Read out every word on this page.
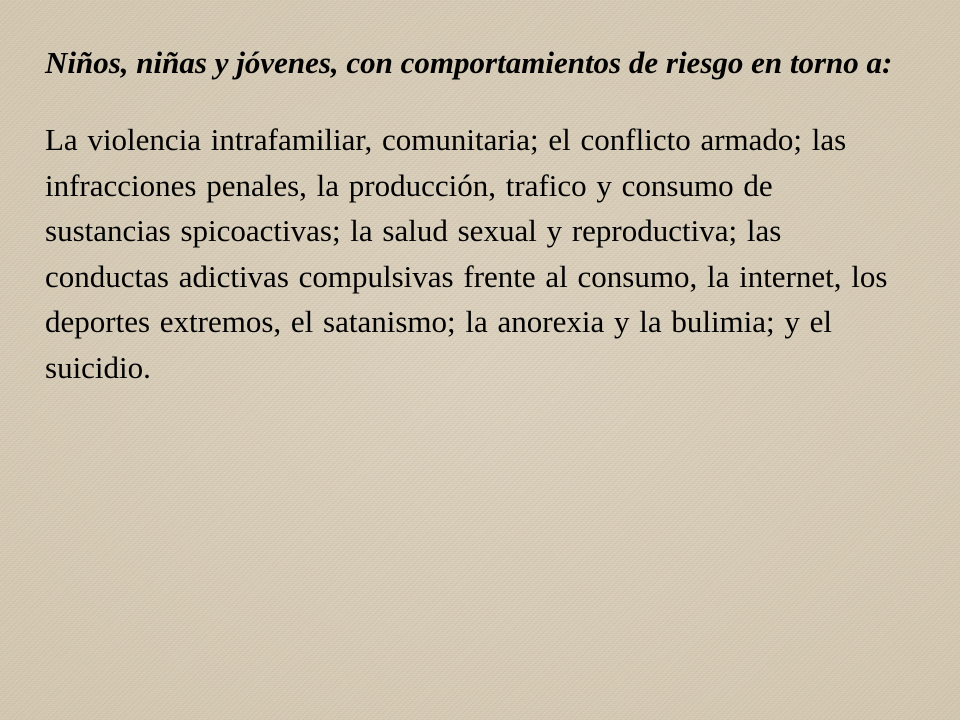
Niños, niñas y jóvenes, con comportamientos de riesgo en torno a:

La violencia intrafamiliar, comunitaria; el conflicto armado; las infracciones penales, la producción, trafico y consumo de sustancias spicoactivas; la salud sexual y reproductiva; las conductas adictivas compulsivas frente al consumo, la internet, los deportes extremos, el satanismo; la anorexia y la bulimia; y el suicidio.
